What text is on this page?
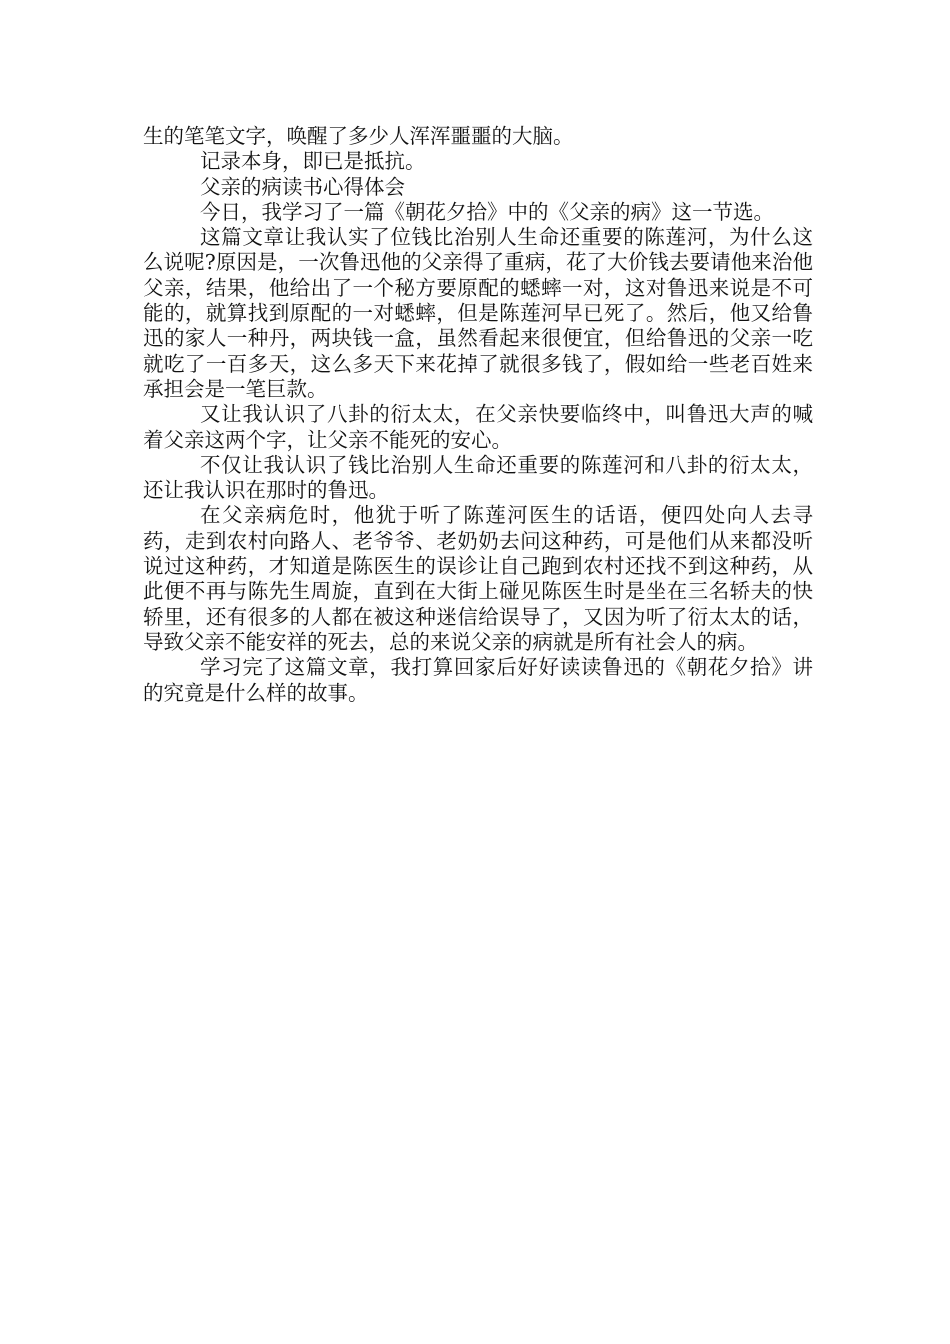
生的笔笔文字，唤醒了多少人浑浑噩噩的大脑。

记录本身，即已是抵抗。

父亲的病读书心得体会

今日，我学习了一篇《朝花夕拾》中的《父亲的病》这一节选。

这篇文章让我认实了位钱比治别人生命还重要的陈莲河，为什么这么说呢?原因是，一次鲁迅他的父亲得了重病，花了大价钱去要请他来治他父亲，结果，他给出了一个秘方要原配的蟋蟀一对，这对鲁迅来说是不可能的，就算找到原配的一对蟋蟀，但是陈莲河早已死了。然后，他又给鲁迅的家人一种丹，两块钱一盒，虽然看起来很便宜，但给鲁迅的父亲一吃就吃了一百多天，这么多天下来花掉了就很多钱了，假如给一些老百姓来承担会是一笔巨款。

又让我认识了八卦的衍太太，在父亲快要临终中，叫鲁迅大声的喊着父亲这两个字，让父亲不能死的安心。

不仅让我认识了钱比治别人生命还重要的陈莲河和八卦的衍太太，还让我认识在那时的鲁迅。

在父亲病危时，他犹于听了陈莲河医生的话语，便四处向人去寻药，走到农村向路人、老爷爷、老奶奶去问这种药，可是他们从来都没听说过这种药，才知道是陈医生的误诊让自己跑到农村还找不到这种药，从此便不再与陈先生周旋，直到在大街上碰见陈医生时是坐在三名轿夫的快轿里，还有很多的人都在被这种迷信给误导了，又因为听了衍太太的话，导致父亲不能安祥的死去，总的来说父亲的病就是所有社会人的病。

学习完了这篇文章，我打算回家后好好读读鲁迅的《朝花夕拾》讲的究竟是什么样的故事。
